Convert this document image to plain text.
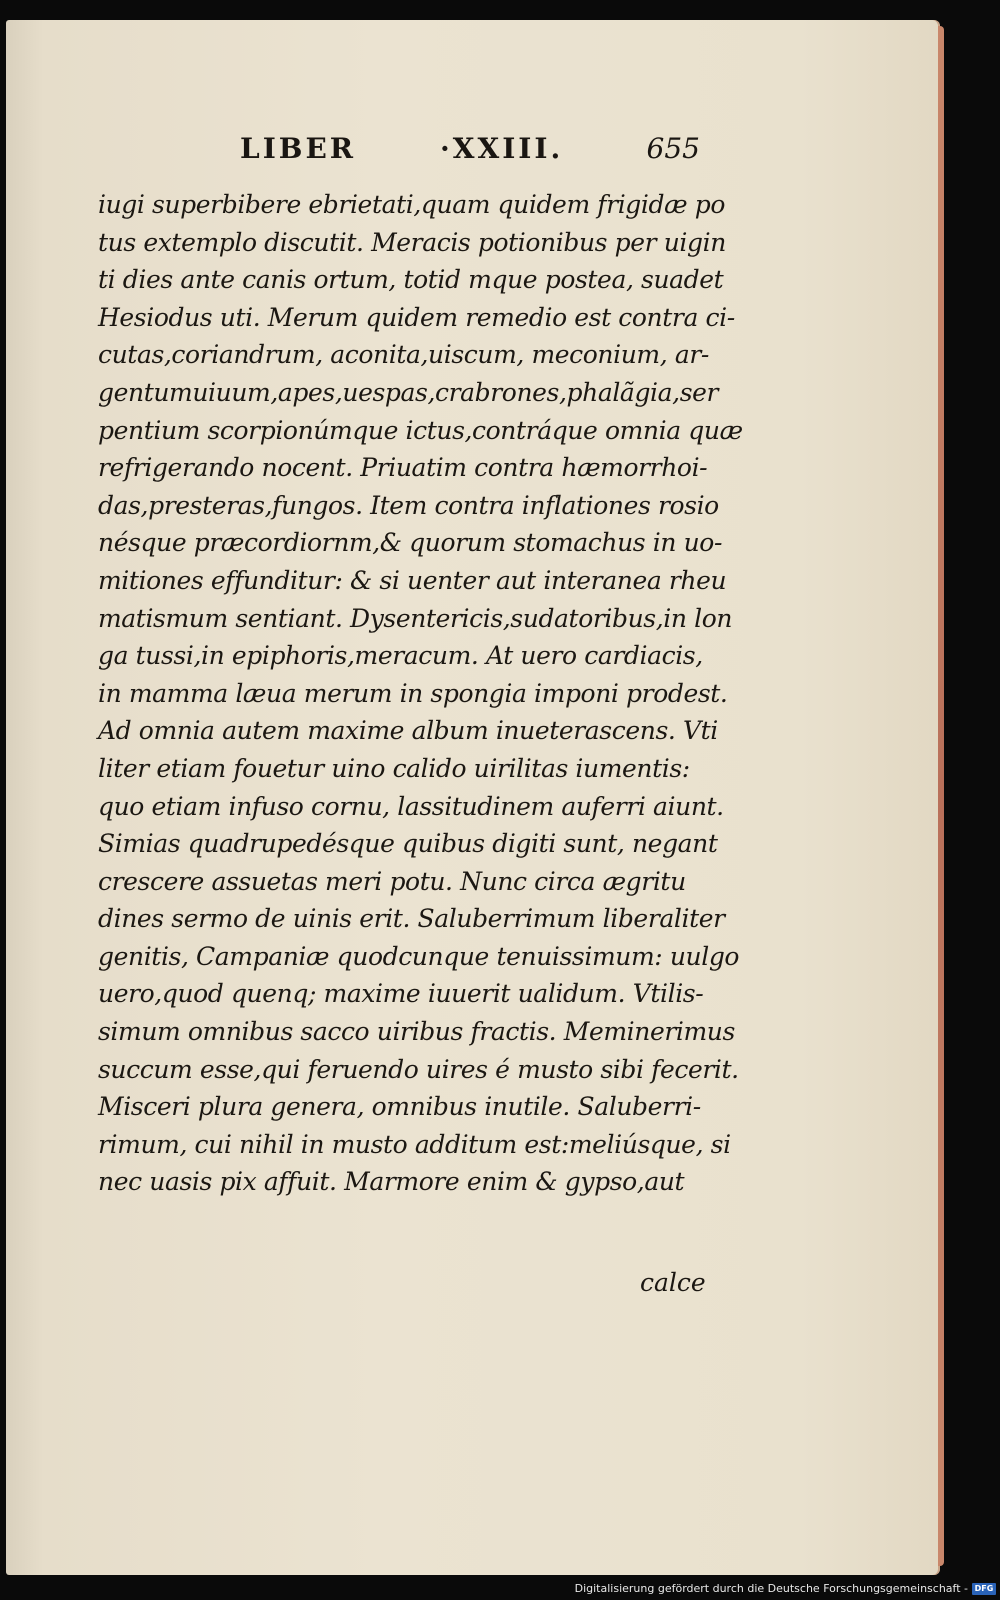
LIBER	·XXIII.	655
iugi superbibere ebrietati,quam quidem frigidæ po
tus extemplo discutit. Meracis potionibus per uigin
ti dies ante canis ortum, totid mque postea, suadet
Hesiodus uti. Merum quidem remedio est contra ci-
cutas,coriandrum, aconita,uiscum, meconium, ar-
gentumuiuum,apes,uespas,crabrones,phalãgia,ser
pentium scorpionúmque ictus,contráque omnia quæ
refrigerando nocent. Priuatim contra hæmorrhoi-
das,presteras,fungos. Item contra inflationes rosio
nésque præcordiornm,& quorum stomachus in uo-
mitiones effunditur: & si uenter aut interanea rheu
matismum sentiant. Dysentericis,sudatoribus,in lon
ga tussi,in epiphoris,meracum. At uero cardiacis,
in mamma læua merum in spongia imponi prodest.
Ad omnia autem maxime album inueterascens. Vti
liter etiam fouetur uino calido uirilitas iumentis:
quo etiam infuso cornu, lassitudinem auferri aiunt.
Simias quadrupedésque quibus digiti sunt, negant
crescere assuetas meri potu. Nunc circa ægritu
dines sermo de uinis erit. Saluberrimum liberaliter
genitis, Campaniæ quodcunque tenuissimum: uulgo
uero,quod quenq; maxime iuuerit ualidum. Vtilis-
simum omnibus sacco uiribus fractis. Meminerimus
succum esse,qui feruendo uires é musto sibi fecerit.
Misceri plura genera, omnibus inutile. Saluberri-
rimum, cui nihil in musto additum est:meliúsque, si
nec uasis pix affuit. Marmore enim & gypso,aut
calce
Digitalisierung gefördert durch die Deutsche Forschungsgemeinschaft - DFG
